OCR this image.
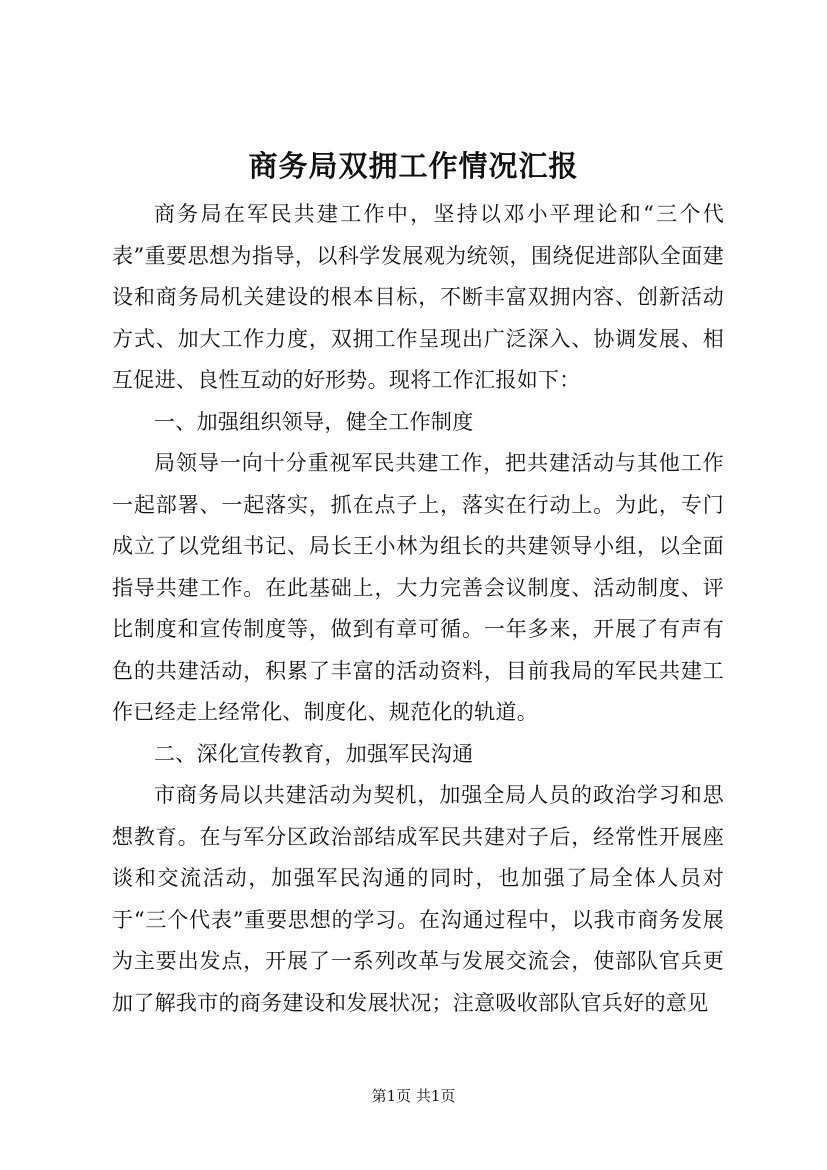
商务局双拥工作情况汇报

商务局在军民共建工作中，坚持以邓小平理论和“三个代表”重要思想为指导，以科学发展观为统领，围绕促进部队全面建设和商务局机关建设的根本目标，不断丰富双拥内容、创新活动方式、加大工作力度，双拥工作呈现出广泛深入、协调发展、相互促进、良性互动的好形势。现将工作汇报如下：

一、加强组织领导，健全工作制度

局领导一向十分重视军民共建工作，把共建活动与其他工作一起部署、一起落实，抓在点子上，落实在行动上。为此，专门成立了以党组书记、局长王小林为组长的共建领导小组，以全面指导共建工作。在此基础上，大力完善会议制度、活动制度、评比制度和宣传制度等，做到有章可循。一年多来，开展了有声有色的共建活动，积累了丰富的活动资料，目前我局的军民共建工作已经走上经常化、制度化、规范化的轨道。

二、深化宣传教育，加强军民沟通

市商务局以共建活动为契机，加强全局人员的政治学习和思想教育。在与军分区政治部结成军民共建对子后，经常性开展座谈和交流活动，加强军民沟通的同时，也加强了局全体人员对于“三个代表”重要思想的学习。在沟通过程中，以我市商务发展为主要出发点，开展了一系列改革与发展交流会，使部队官兵更加了解我市的商务建设和发展状况；注意吸收部队官兵好的意见

第1页 共1页
